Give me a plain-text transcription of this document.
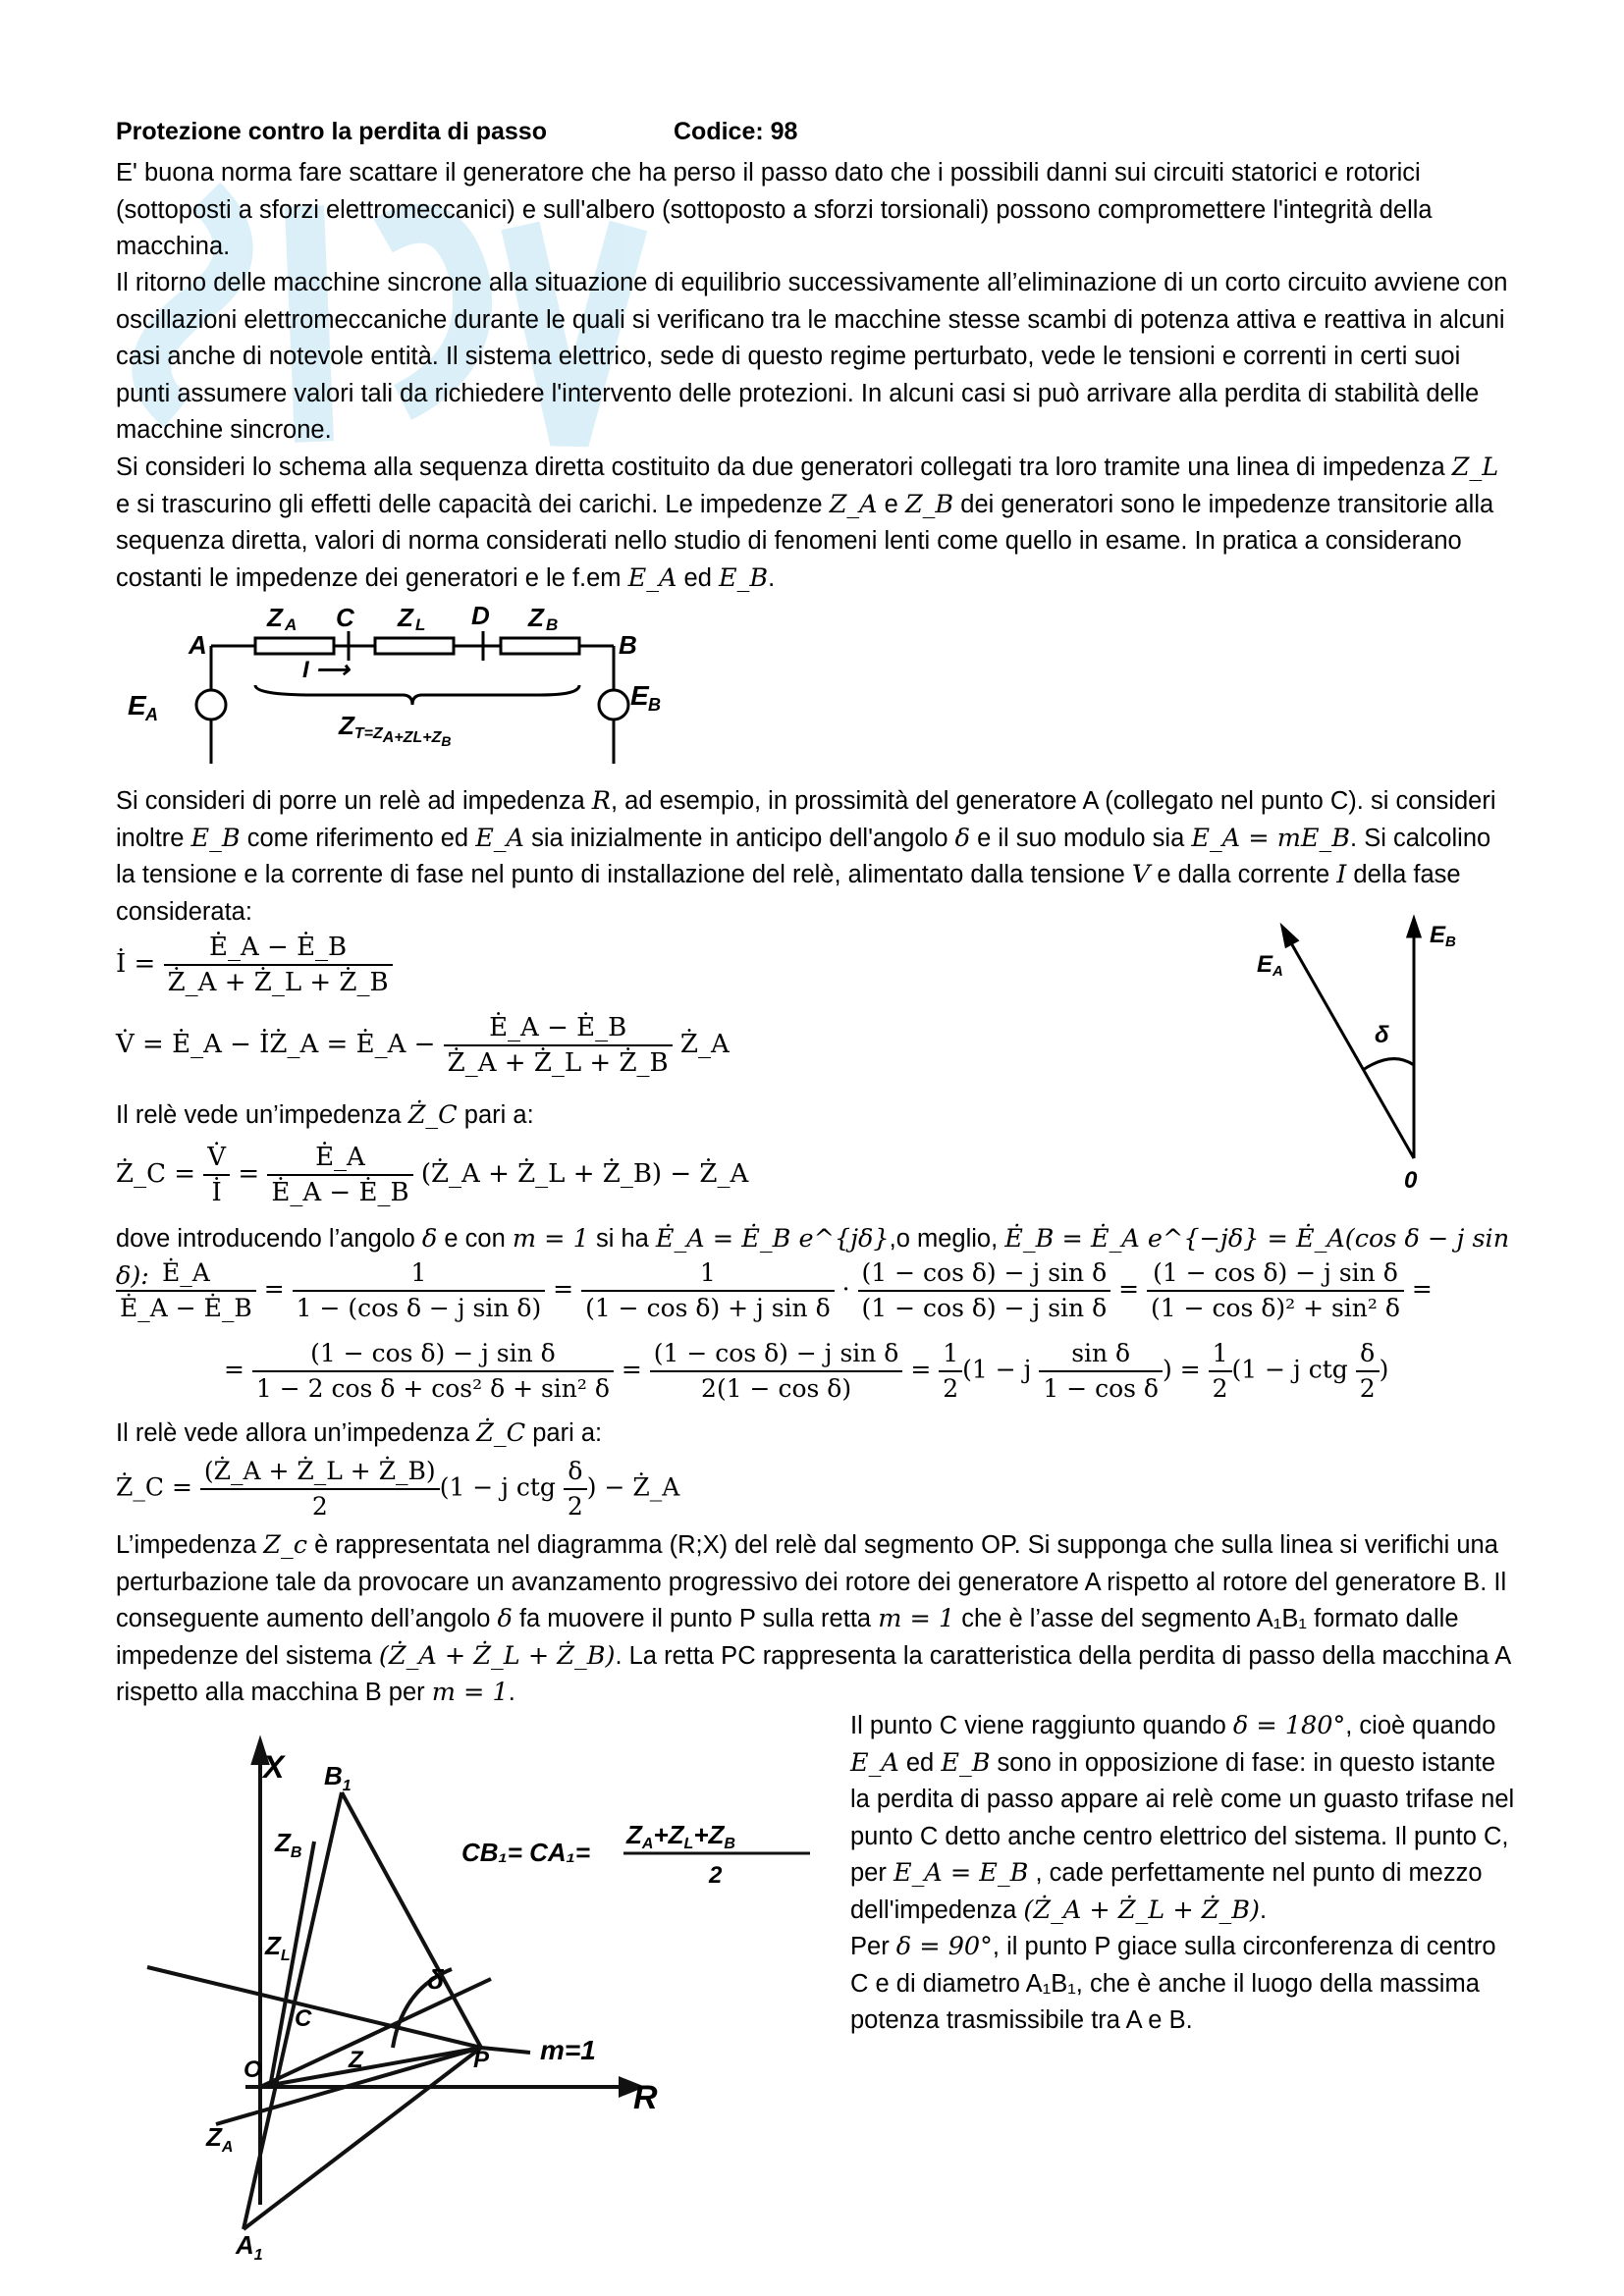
Protezione contro la perdita di passo	Codice: 98
E' buona norma fare scattare il generatore che ha perso il passo dato che i possibili danni sui circuiti statorici e rotorici (sottoposti a sforzi elettromeccanici) e sull'albero (sottoposto a sforzi torsionali) possono compromettere l'integrità della macchina.
Il ritorno delle macchine sincrone alla situazione di equilibrio successivamente all’eliminazione di un corto circuito avviene con oscillazioni elettromeccaniche durante le quali si verificano tra le macchine stesse scambi di potenza attiva e reattiva in alcuni casi anche di notevole entità. Il sistema elettrico, sede di questo regime perturbato, vede le tensioni e correnti in certi suoi punti assumere valori tali da richiedere l'intervento delle protezioni. In alcuni casi si può arrivare alla perdita di stabilità delle macchine sincrone.
Si consideri lo schema alla sequenza diretta costituito da due generatori collegati tra loro tramite una linea di impedenza Z_L e si trascurino gli effetti delle capacità dei carichi. Le impedenze Z_A e Z_B dei generatori sono le impedenze transitorie alla sequenza diretta, valori di norma considerati nello studio di fenomeni lenti come quello in esame. In pratica a considerano costanti le impedenze dei generatori e le f.em E_A ed E_B.
Z A C Z L D Z B
A	B
I ⟶
E A
E B
ZT=ZA+ZL+ZB
Si consideri di porre un relè ad impedenza R, ad esempio, in prossimità del generatore A (collegato nel punto C). si consideri inoltre E_B come riferimento ed E_A sia inizialmente in anticipo dell'angolo δ e il suo modulo sia E_A = mE_B. Si calcolino la tensione e la corrente di fase nel punto di installazione del relè, alimentato dalla tensione V e dalla corrente I della fase considerata:
İ = $\frac{Ė\_A - Ė\_B}{Ż\_A + Ż\_L + Ż\_B}$
V̇ = Ė_A − İŻ_A = Ė_A − $\frac{Ė\_A - Ė\_B}{Ż\_A + Ż\_L + Ż\_B}$ Ż_A
Il relè vede un’impedenza Ż_C pari a:
Ż_C = $\frac{V̇}{İ} = \frac{Ė\_A}{Ė\_A - Ė\_B}$ (Ż_A + Ż_L + Ż_B) − Ż_A
E B
E A
δ
0
dove introducendo l’angolo δ e con m = 1 si ha Ė_A = Ė_B e^{jδ},o meglio, Ė_B = Ė_A e^{−jδ} = Ė_A(cos δ − j sin δ):
$\frac{Ė\_A}{Ė\_A - Ė\_B} = \frac{1}{\text{1 − (cos δ − j sin δ)}} = \frac{1}{\text{(1 − cos δ) + j sin δ}} \cdot \frac{\text{(1 − cos δ) − j sin δ}}{\text{(1 − cos δ) − j sin δ}} = \frac{\text{(1 − cos δ) − j sin δ}}{\text{(1 − cos δ)² + sin² δ}}$ =
= $\frac{\text{(1 − cos δ) − j sin δ}}{\text{1 − 2 cos δ + cos² δ + sin² δ}} = \frac{\text{(1 − cos δ) − j sin δ}}{\text{2(1 − cos δ)}} = \frac{1}{2} (1 - j \frac{\text{sin δ}}{\text{1 − cos δ}}$ ) = $\frac{1}{2} (1 - j$ ctg $\frac{\delta}{2}$ )
Il relè vede allora un’impedenza Ż_C pari a:
Ż_C = $\frac{(Ż\_A + Ż\_L + Ż\_B)}{2} (1 - j$ ctg $\frac{\delta}{2}$ ) − Ż_A
L’impedenza Z_c è rappresentata nel diagramma (R;X) del relè dal segmento OP. Si supponga che sulla linea si verifichi una perturbazione tale da provocare un avanzamento progressivo dei rotore dei generatore A rispetto al rotore del generatore B. Il conseguente aumento dell’angolo δ fa muovere il punto P sulla retta m = 1 che è l’asse del segmento A₁B₁ formato dalle impedenze del sistema (Ż_A + Ż_L + Ż_B). La retta PC rappresenta la caratteristica della perdita di passo della macchina A rispetto alla macchina B per m = 1.
X $B_1$
$Z_B$
$Z_L$
C
Z
δ
O	P m=1
R
$Z_A$
$A_1$
CB₁= CA₁=
ZA+ZL+ZB
2
Il punto C viene raggiunto quando δ = 180°, cioè quando E_A ed E_B sono in opposizione di fase: in questo istante la perdita di passo appare ai relè come un guasto trifase nel punto C detto anche centro elettrico del sistema. Il punto C, per E_A = E_B , cade perfettamente nel punto di mezzo dell'impedenza (Ż_A + Ż_L + Ż_B).
Per δ = 90°, il punto P giace sulla circonferenza di centro C e di diametro A₁B₁, che è anche il luogo della massima potenza trasmissibile tra A e B.
